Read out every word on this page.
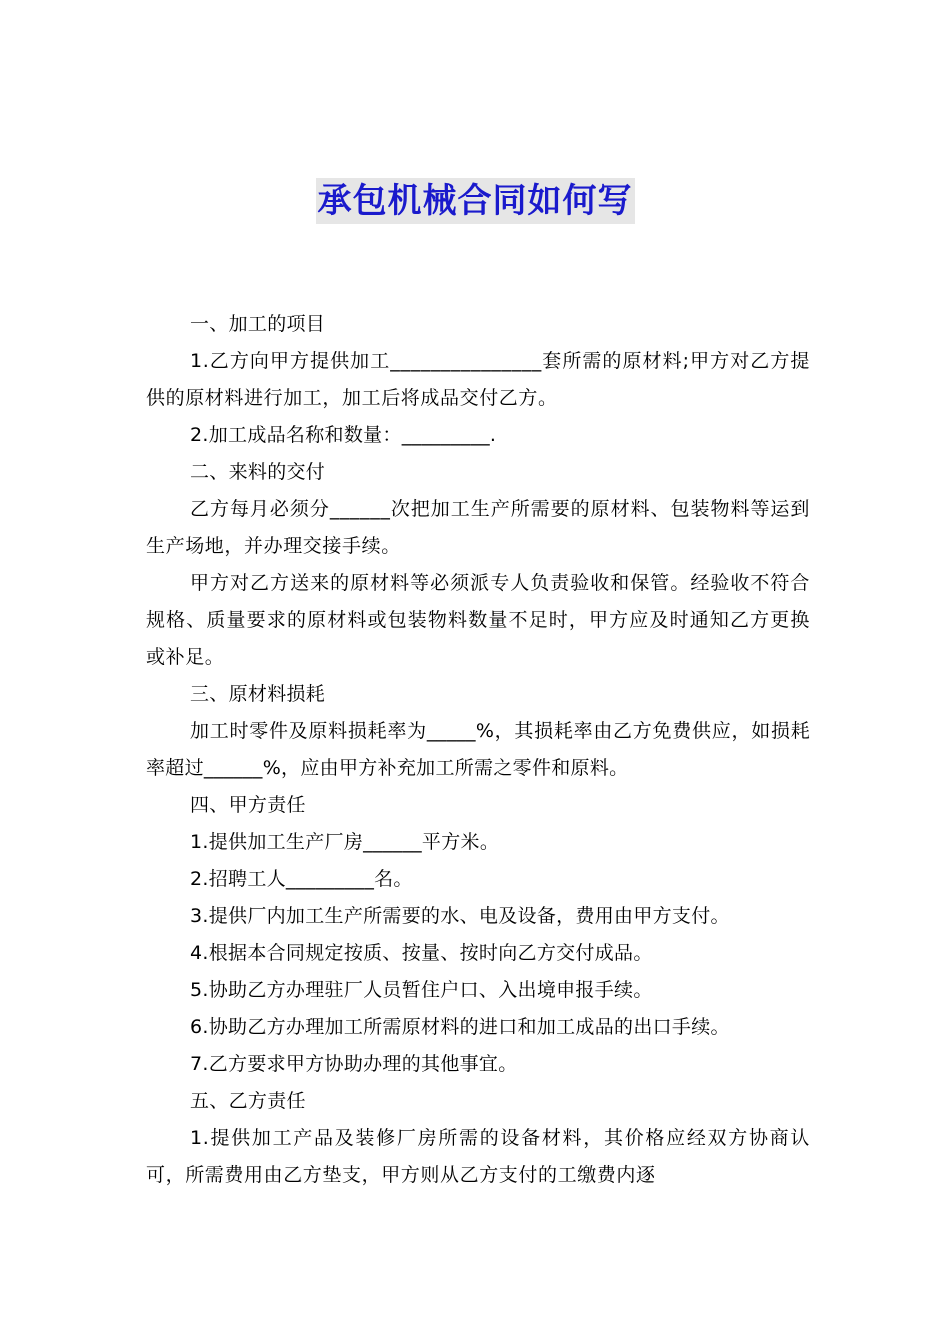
承包机械合同如何写

一、加工的项目

1.乙方向甲方提供加工_______________套所需的原材料;甲方对乙方提供的原材料进行加工，加工后将成品交付乙方。

2.加工成品名称和数量：_________.

二、来料的交付

乙方每月必须分______次把加工生产所需要的原材料、包装物料等运到生产场地，并办理交接手续。

甲方对乙方送来的原材料等必须派专人负责验收和保管。经验收不符合规格、质量要求的原材料或包装物料数量不足时，甲方应及时通知乙方更换或补足。

三、原材料损耗

加工时零件及原料损耗率为_____%，其损耗率由乙方免费供应，如损耗率超过______%，应由甲方补充加工所需之零件和原料。

四、甲方责任

1.提供加工生产厂房______平方米。

2.招聘工人_________名。

3.提供厂内加工生产所需要的水、电及设备，费用由甲方支付。

4.根据本合同规定按质、按量、按时向乙方交付成品。

5.协助乙方办理驻厂人员暂住户口、入出境申报手续。

6.协助乙方办理加工所需原材料的进口和加工成品的出口手续。

7.乙方要求甲方协助办理的其他事宜。

五、乙方责任

1.提供加工产品及装修厂房所需的设备材料，其价格应经双方协商认可，所需费用由乙方垫支，甲方则从乙方支付的工缴费内逐
